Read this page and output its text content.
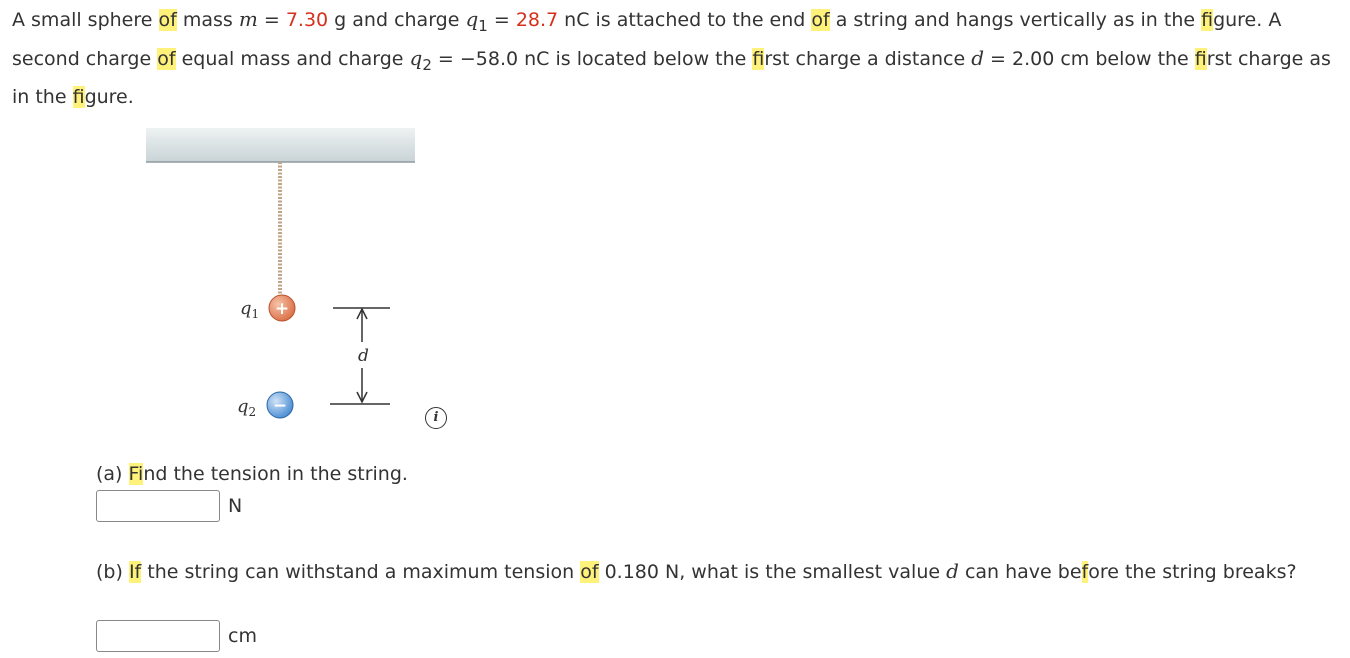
A small sphere of mass m = 7.30 g and charge $q_1 = 28.7$ nC is attached to the end of a string and hangs vertically as in the figure. A second charge of equal mass and charge $q_2 = -58.0$ nC is located below the first charge a distance d = 2.00 cm below the first charge as in the figure.

+
$q_1$
−
$q_2$
d
i

(a) Find the tension in the string.

N

(b) If the string can withstand a maximum tension of 0.180 N, what is the smallest value d can have before the string breaks?

cm
